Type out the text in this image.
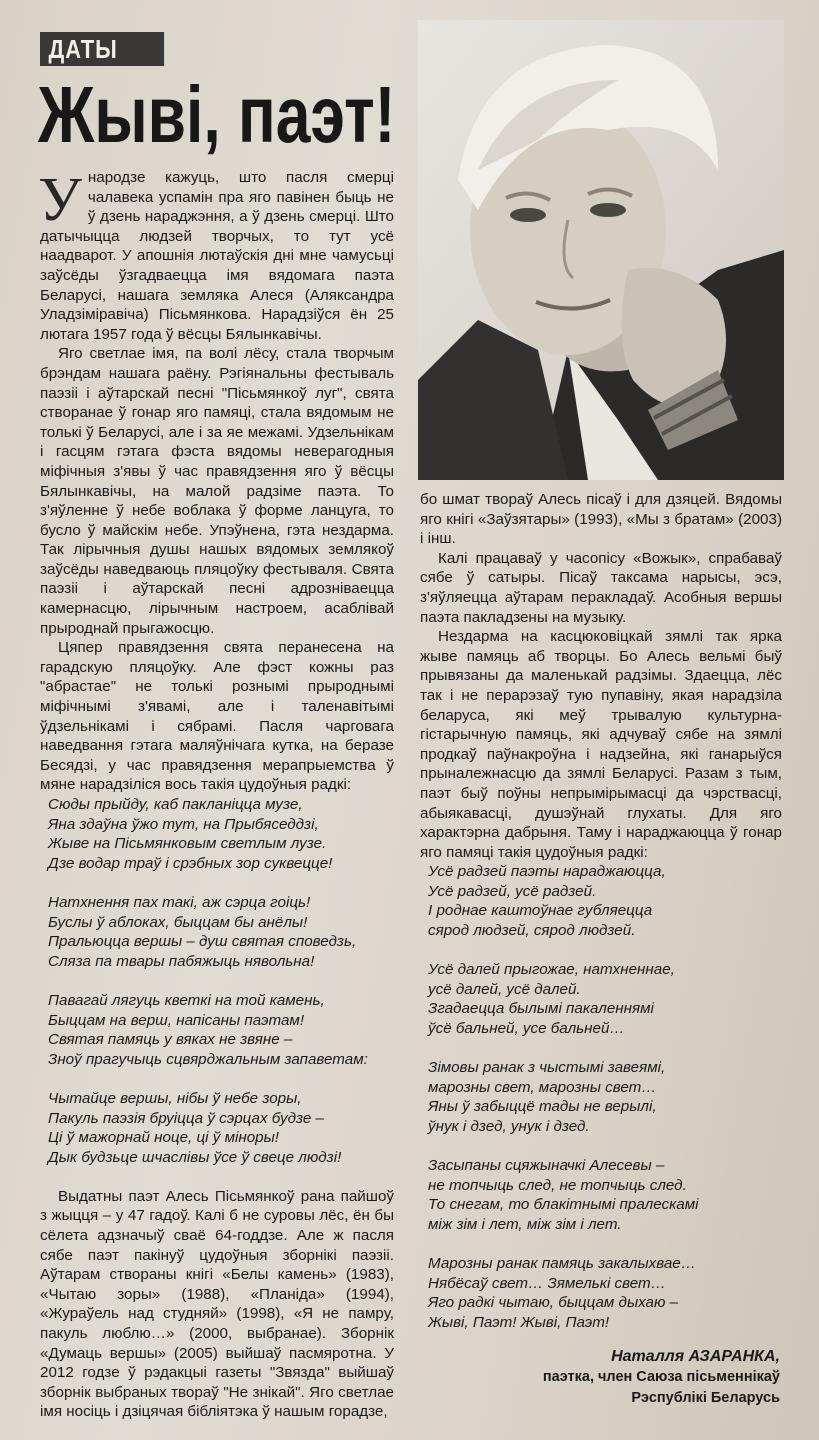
ДАТЫ
Жыві, паэт!

Ународзе кажуць, што пасля смерці чалавека успамін пра яго павінен быць не ў дзень нараджэння, а ў дзень смерці. Што датычыцца людзей творчых, то тут усё наадварот. У апошнія лютаўскія дні мне чамусьці заўсёды ўзгадваецца імя вядомага паэта Беларусі, нашага земляка Алеся (Аляксандра Уладзіміравіча) Пісьмянкова. Нарадзіўся ён 25 лютага 1957 года ў вёсцы Бялынкавічы.

Яго светлае імя, па волі лёсу, стала творчым брэндам нашага раёну. Рэгіянальны фестываль паэзіі і аўтарскай песні "Пісьмянкоў луг", свята створанае ў гонар яго памяці, стала вядомым не толькі ў Беларусі, але і за яе межамі. Удзельнікам і гасцям гэтага фэста вядомы неверагодныя міфічныя з'явы ў час правядзення яго ў вёсцы Бялынкавічы, на малой радзіме паэта. То з'яўленне ў небе воблака ў форме ланцуга, то бусло ў майскім небе. Упэўнена, гэта нездарма. Так лірычныя душы нашых вядомых землякоў заўсёды наведваюць пляцоўку фестываля. Свята паэзіі і аўтарскай песні адрозніваецца камернасцю, лірычным настроем, асаблівай прыроднай прыгажосцю.

Цяпер правядзення свята перанесена на гарадскую пляцоўку. Але фэст кожны раз "абрастае" не толькі рознымі прыроднымі міфічнымі з'явамі, але і таленавітымі ўдзельнікамі і сябрамі. Пасля чарговага наведвання гэтага маляўнічага кутка, на беразе Бесядзі, у час правядзення мерапрыемства ў мяне нарадзіліся вось такія цудоўныя радкі:

Сюды прыйду, каб пакланіцца музе,
Яна здаўна ўжо тут, на Прыбяседдзі,
Жыве на Пісьмянковым светлым лузе.
Дзе водар траў і срэбных зор суквецце!
Натхнення пах такі, аж сэрца гоіць!
Буслы ў аблоках, быццам бы анёлы!
Пральюцца вершы – душ святая споведзь,
Сляза па твары пабяжыць нявольна!
Павагай лягуць кветкі на той камень,
Быццам на верш, напісаны паэтам!
Святая памяць у вяках не звяне –
Зноў прагучыць сцвярджальным запаветам:
Чытайце вершы, нібы ў небе зоры,
Пакуль паэзія бруіцца ў сэрцах будзе –
Ці ў мажорнай ноце, ці ў міноры!
Дык будзьце шчаслівы ўсе ў свеце людзі!

Выдатны паэт Алесь Пісьмянкоў рана пайшоў з жыцця – у 47 гадоў. Калі б не суровы лёс, ён бы сёлета адзначыў сваё 64-годдзе. Але ж пасля сябе паэт пакінуў цудоўныя зборнікі паэзіі. Аўтарам створаны кнігі «Белы камень» (1983), «Чытаю зоры» (1988), «Планіда» (1994), «Жураўель над студняй» (1998), «Я не памру, пакуль люблю…» (2000, выбранае). Зборнік «Думаць вершы» (2005) выйшаў пасмяротна. У 2012 годзе ў рэдакцыі газеты "Звязда" выйшаў зборнік выбраных твораў "Не знікай". Яго светлае імя носіць і дзіцячая бібліятэка ў нашым горадзе,

бо шмат твораў Алесь пісаў і для дзяцей. Вядомы яго кнігі «Заўзятары» (1993), «Мы з братам» (2003) і інш.

Калі працаваў у часопісу «Вожык», спрабаваў сябе ў сатыры. Пісаў таксама нарысы, эсэ, з'яўляецца аўтарам перакладаў. Асобныя вершы паэта пакладзены на музыку.

Нездарма на касцюковіцкай зямлі так ярка жыве памяць аб творцы. Бо Алесь вельмі быў прывязаны да маленькай радзімы. Здаецца, лёс так і не перарэзаў тую пупавіну, якая нарадзіла беларуса, які меў трывалую культурна-гістарычную памяць, які адчуваў сябе на зямлі продкаў паўнакроўна і надзейна, які ганарыўся прыналежнасцю да зямлі Беларусі. Разам з тым, паэт быў поўны непрымірымасці да чэрствасці, абыякавасці, душэўнай глухаты. Для яго характэрна дабрыня. Таму і нараджаюцца ў гонар яго памяці такія цудоўныя радкі:

Усё радзей паэты нараджаюцца,
Усё радзей, усё радзей.
І роднае каштоўнае губляецца
сярод людзей, сярод людзей.
Усё далей прыгожае, натхненнае,
усё далей, усё далей.
Згадаецца былымі пакаленнямі
ўсё бальней, усе бальней…
Зімовы ранак з чыстымі завеямі,
марозны свет, марозны свет…
Яны ў забыццё тады не верылі,
ўнук і дзед, унук і дзед.
Засыпаны сцяжыначкі Алесевы –
не топчыць след, не топчыць след.
То снегам, то блакітнымі пралескамі
між зім і лет, між зім і лет.
Марозны ранак памяць закалыхвае…
Нябёсаў свет… Зямелькі свет…
Яго радкі чытаю, быццам дыхаю –
Жыві, Паэт! Жыві, Паэт!
Наталля АЗАРАНКА,
паэтка, член Саюза пісьменнікаў
Рэспублікі Беларусь
